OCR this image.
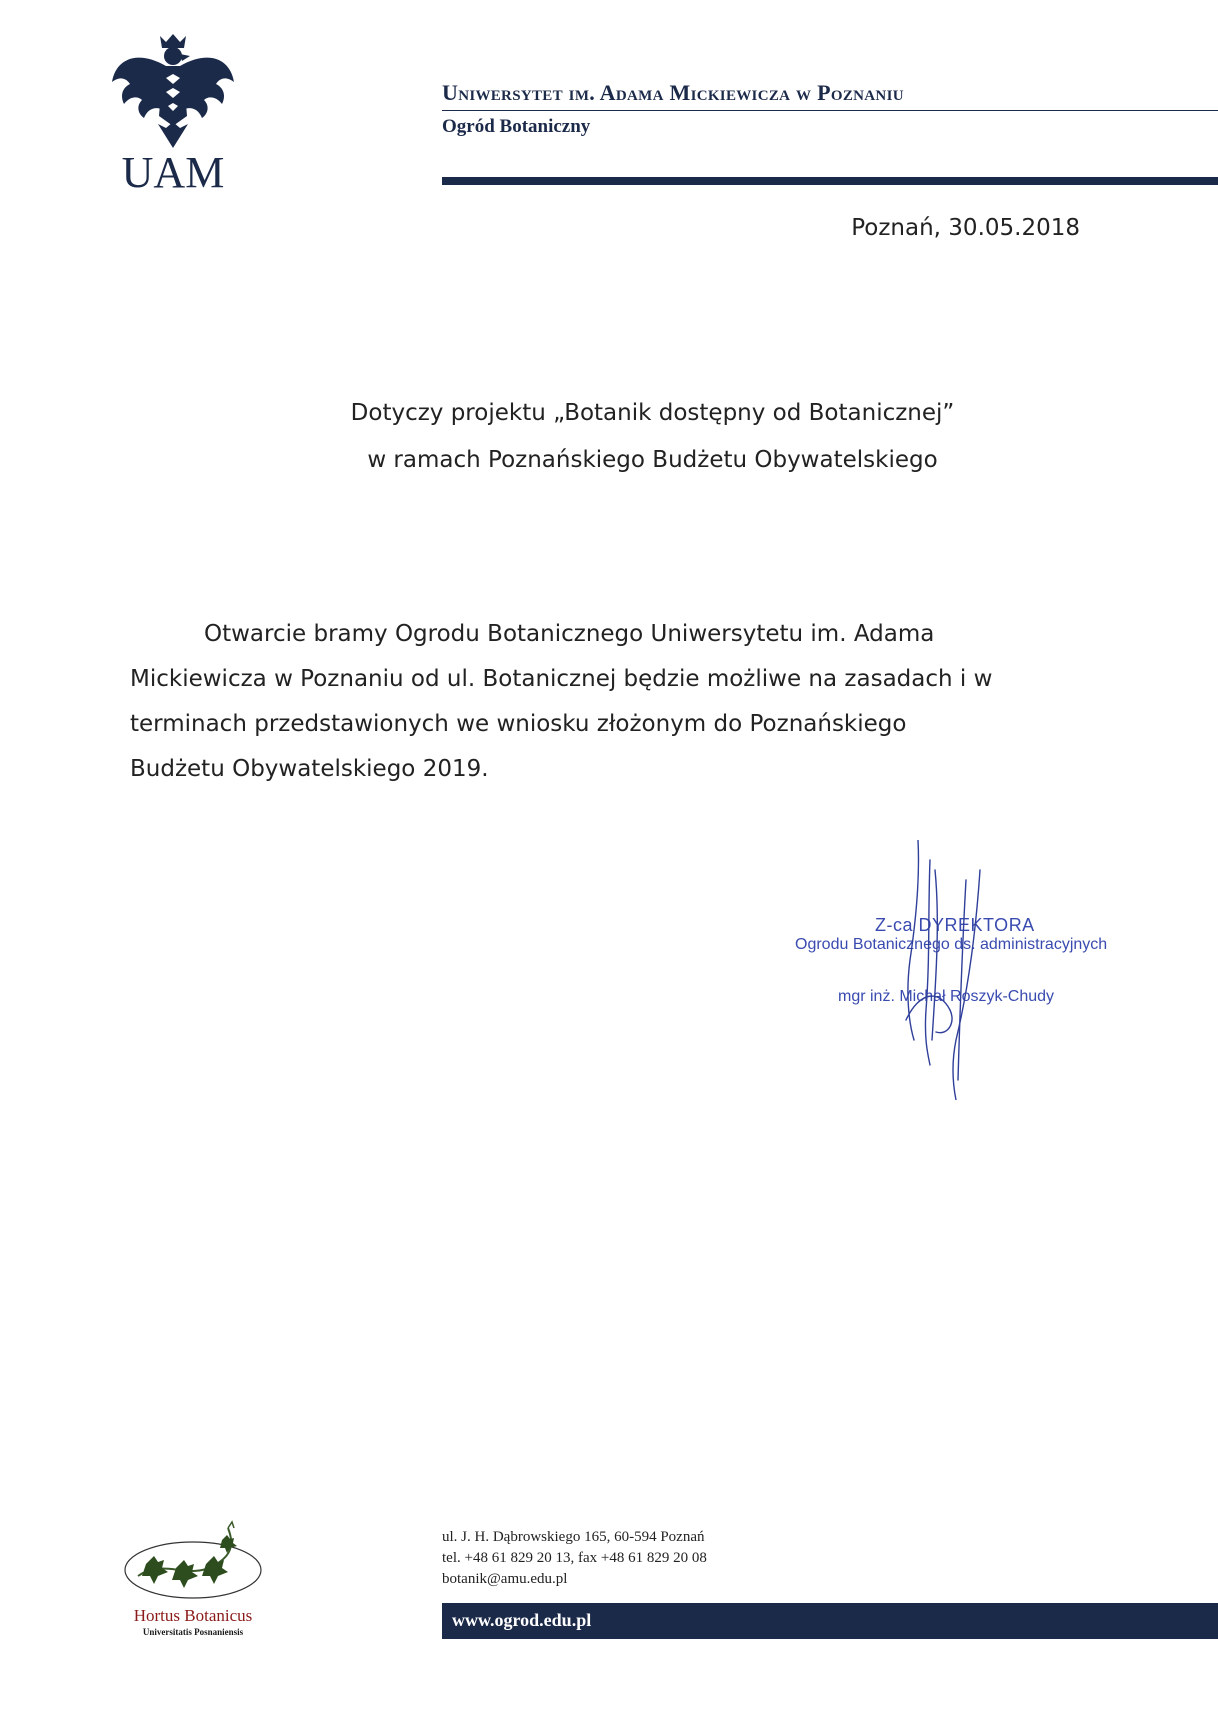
UAM
Uniwersytet im. Adama Mickiewicza w Poznaniu
Ogród Botaniczny
Poznań, 30.05.2018
Dotyczy projektu „Botanik dostępny od Botanicznej”
w ramach Poznańskiego Budżetu Obywatelskiego
Otwarcie bramy Ogrodu Botanicznego Uniwersytetu im. Adama
Mickiewicza w Poznaniu od ul. Botanicznej będzie możliwe na zasadach i w
terminach przedstawionych we wniosku złożonym do Poznańskiego
Budżetu Obywatelskiego 2019.
Z-ca DYREKTORA
Ogrodu Botanicznego ds. administracyjnych
mgr inż. Michał Roszyk-Chudy
Hortus Botanicus
Universitatis Posnaniensis
ul. J. H. Dąbrowskiego 165, 60-594 Poznań
tel. +48 61 829 20 13, fax +48 61 829 20 08
botanik@amu.edu.pl
www.ogrod.edu.pl
